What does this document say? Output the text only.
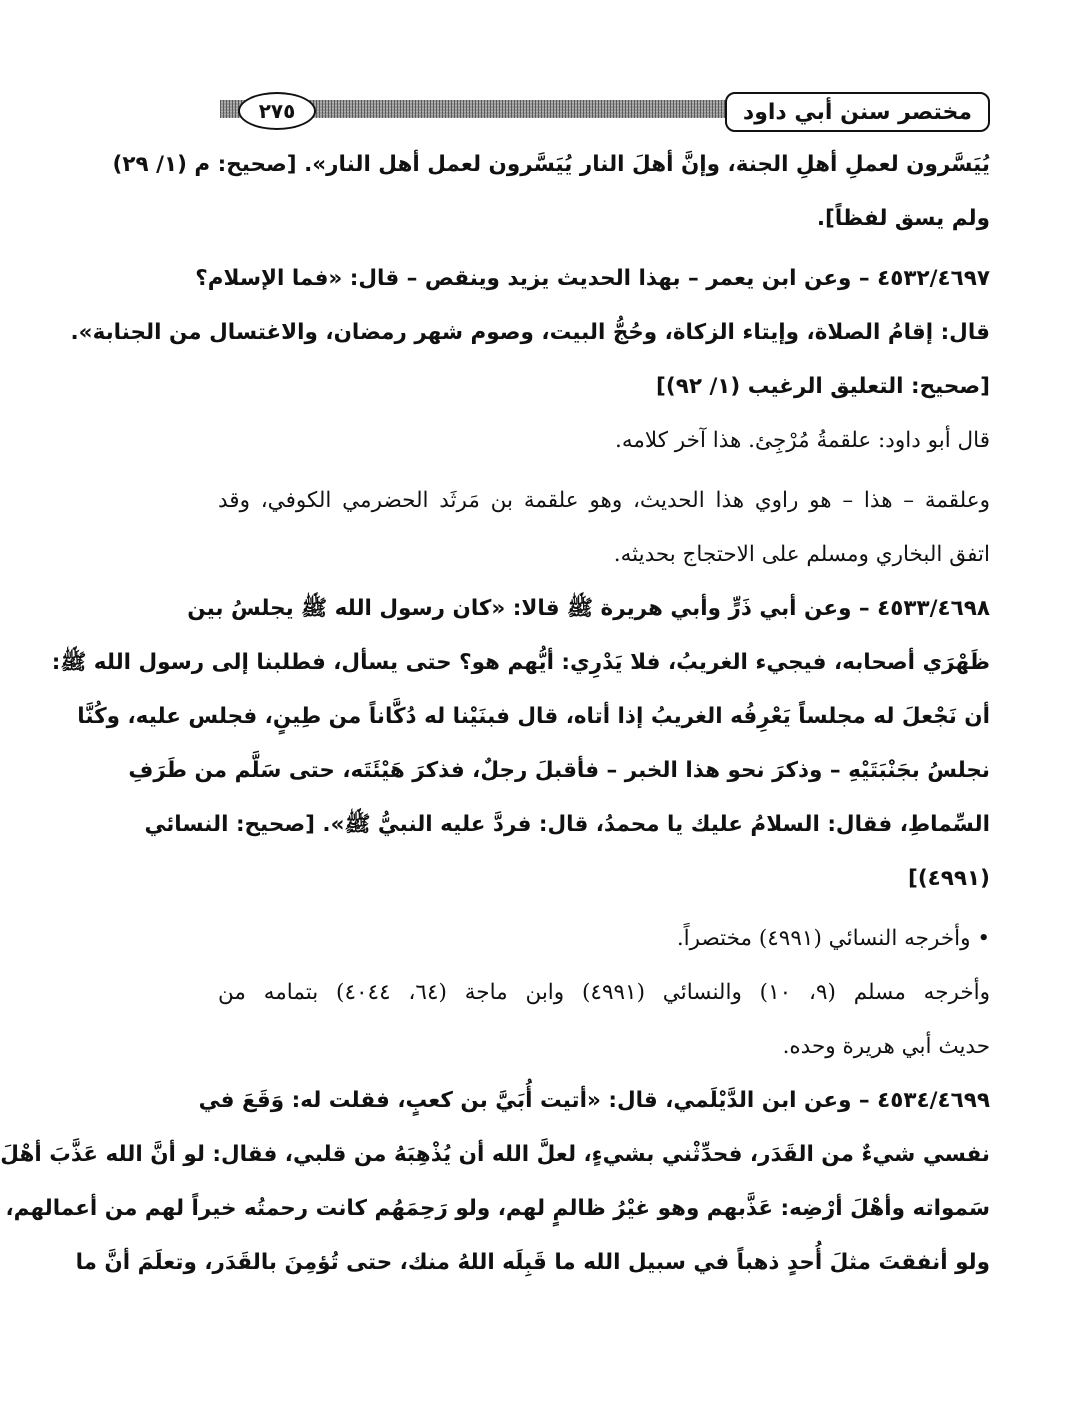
مختصر سنن أبي داود
٢٧٥
يُيَسَّرون لعملِ أهلِ الجنة، وإنَّ أهلَ النار يُيَسَّرون لعمل أهل النار». [صحيح: م (١/ ٢٩)
ولم يسق لفظاً].
٤٥٣٢/٤٦٩٧ – وعن ابن يعمر – بهذا الحديث يزيد وينقص – قال: «فما الإسلام؟
قال: إقامُ الصلاة، وإيتاء الزكاة، وحُجُّ البيت، وصوم شهر رمضان، والاغتسال من الجنابة».
[صحيح: التعليق الرغيب (١/ ٩٢)]
قال أبو داود: علقمةُ مُرْجِئ. هذا آخر كلامه.
وعلقمة – هذا – هو راوي هذا الحديث، وهو علقمة بن مَرثَد الحضرمي الكوفي، وقد
اتفق البخاري ومسلم على الاحتجاج بحديثه.
٤٥٣٣/٤٦٩٨ – وعن أبي ذَرٍّ وأبي هريرة ﷺ قالا: «كان رسول الله ﷺ يجلسُ بين
ظَهْرَي أصحابه، فيجيء الغريبُ، فلا يَدْرِي: أيُّهم هو؟ حتى يسأل، فطلبنا إلى رسول الله ﷺ:
أن نَجْعلَ له مجلساً يَعْرِفُه الغريبُ إذا أتاه، قال فبنَيْنا له دُكَّاناً من طِينٍ، فجلس عليه، وكُنَّا
نجلسُ بجَنْبَتَيْهِ – وذكرَ نحو هذا الخبر – فأقبلَ رجلٌ، فذكرَ هَيْئَتَه، حتى سَلَّم من طَرَفِ
السِّماطِ، فقال: السلامُ عليك يا محمدُ، قال: فردَّ عليه النبيُّ ﷺ». [صحيح: النسائي
(٤٩٩١)]
• وأخرجه النسائي (٤٩٩١) مختصراً.
وأخرجه مسلم (٩، ١٠) والنسائي (٤٩٩١) وابن ماجة (٦٤، ٤٠٤٤) بتمامه من
حديث أبي هريرة وحده.
٤٥٣٤/٤٦٩٩ – وعن ابن الدَّيْلَمي، قال: «أتيت أُبَيَّ بن كعبٍ، فقلت له: وَقَعَ في
نفسي شيءٌ من القَدَر، فحدِّثْني بشيءٍ، لعلَّ الله أن يُذْهِبَهُ من قلبي، فقال: لو أنَّ الله عَذَّبَ أهْلَ
سَمواته وأهْلَ أرْضِه: عَذَّبهم وهو غيْرُ ظالمٍ لهم، ولو رَحِمَهُم كانت رحمتُه خيراً لهم من أعمالهم،
ولو أنفقتَ مثلَ أُحدٍ ذهباً في سبيل الله ما قَبِلَه اللهُ منك، حتى تُؤمِنَ بالقَدَر، وتعلَمَ أنَّ ما
